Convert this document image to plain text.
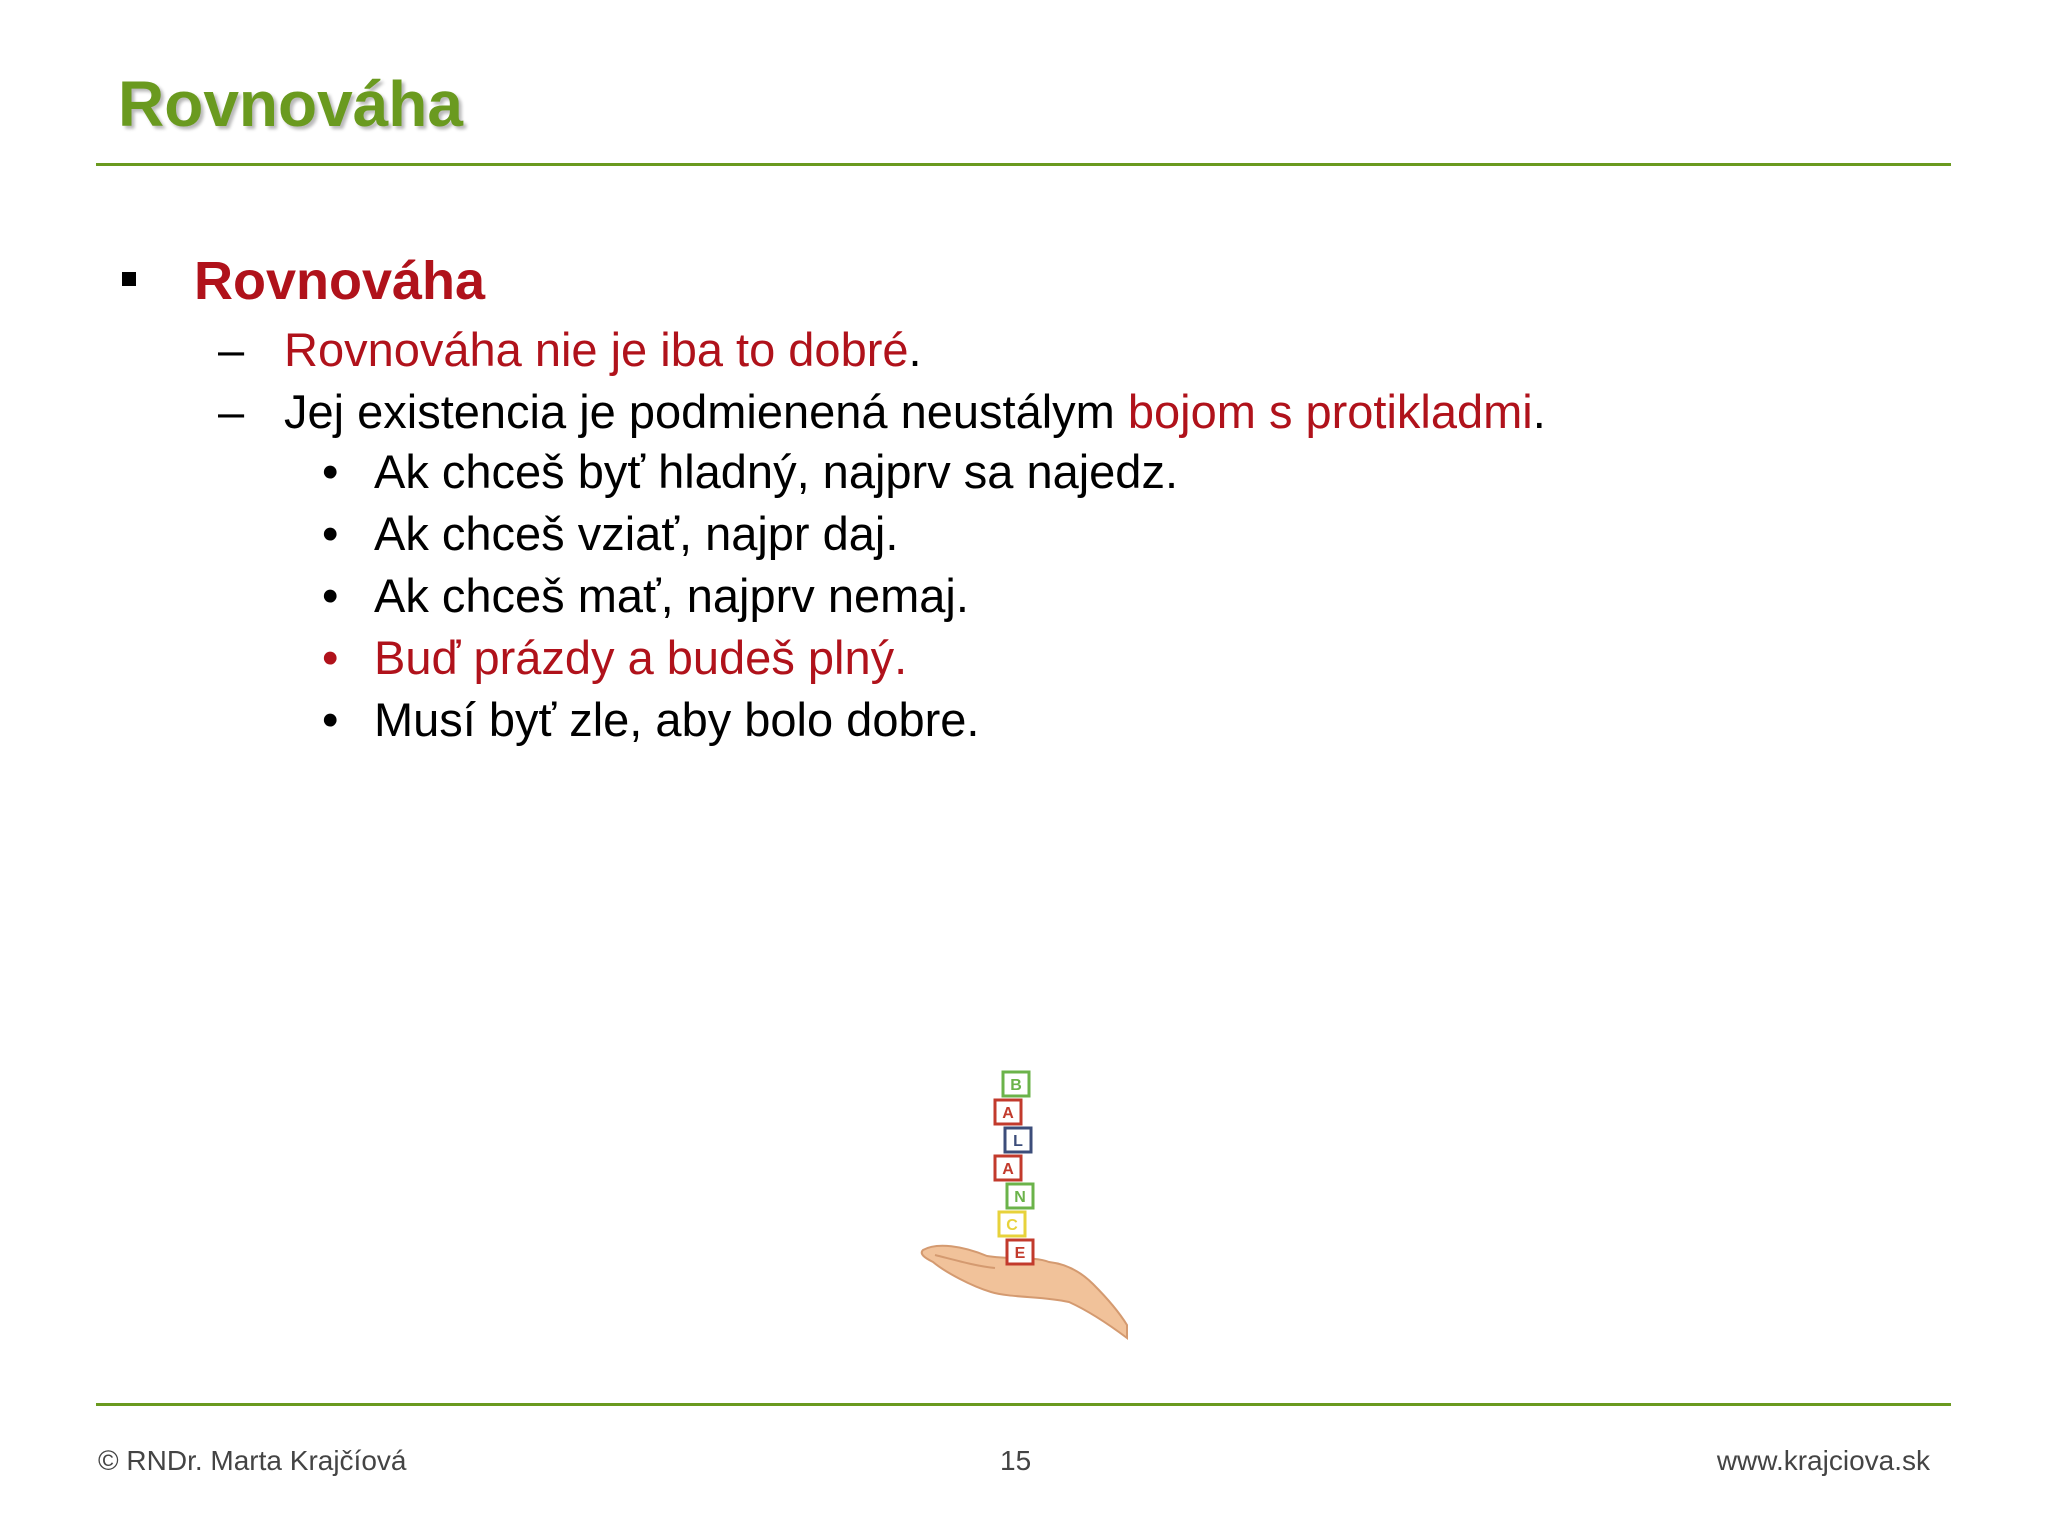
Rovnováha
Rovnováha
– Rovnováha nie je iba to dobré.
– Jej existencia je podmienená neustálym bojom s protikladmi.
• Ak chceš byť hladný, najprv sa najedz.
• Ak chceš vziať, najpr daj.
• Ak chceš mať, najprv nemaj.
• Buď prázdy a budeš plný.
• Musí byť zle, aby bolo dobre.
E
C
N
A
L
A
B
© RNDr. Marta Krajčíová	15	www.krajciova.sk
